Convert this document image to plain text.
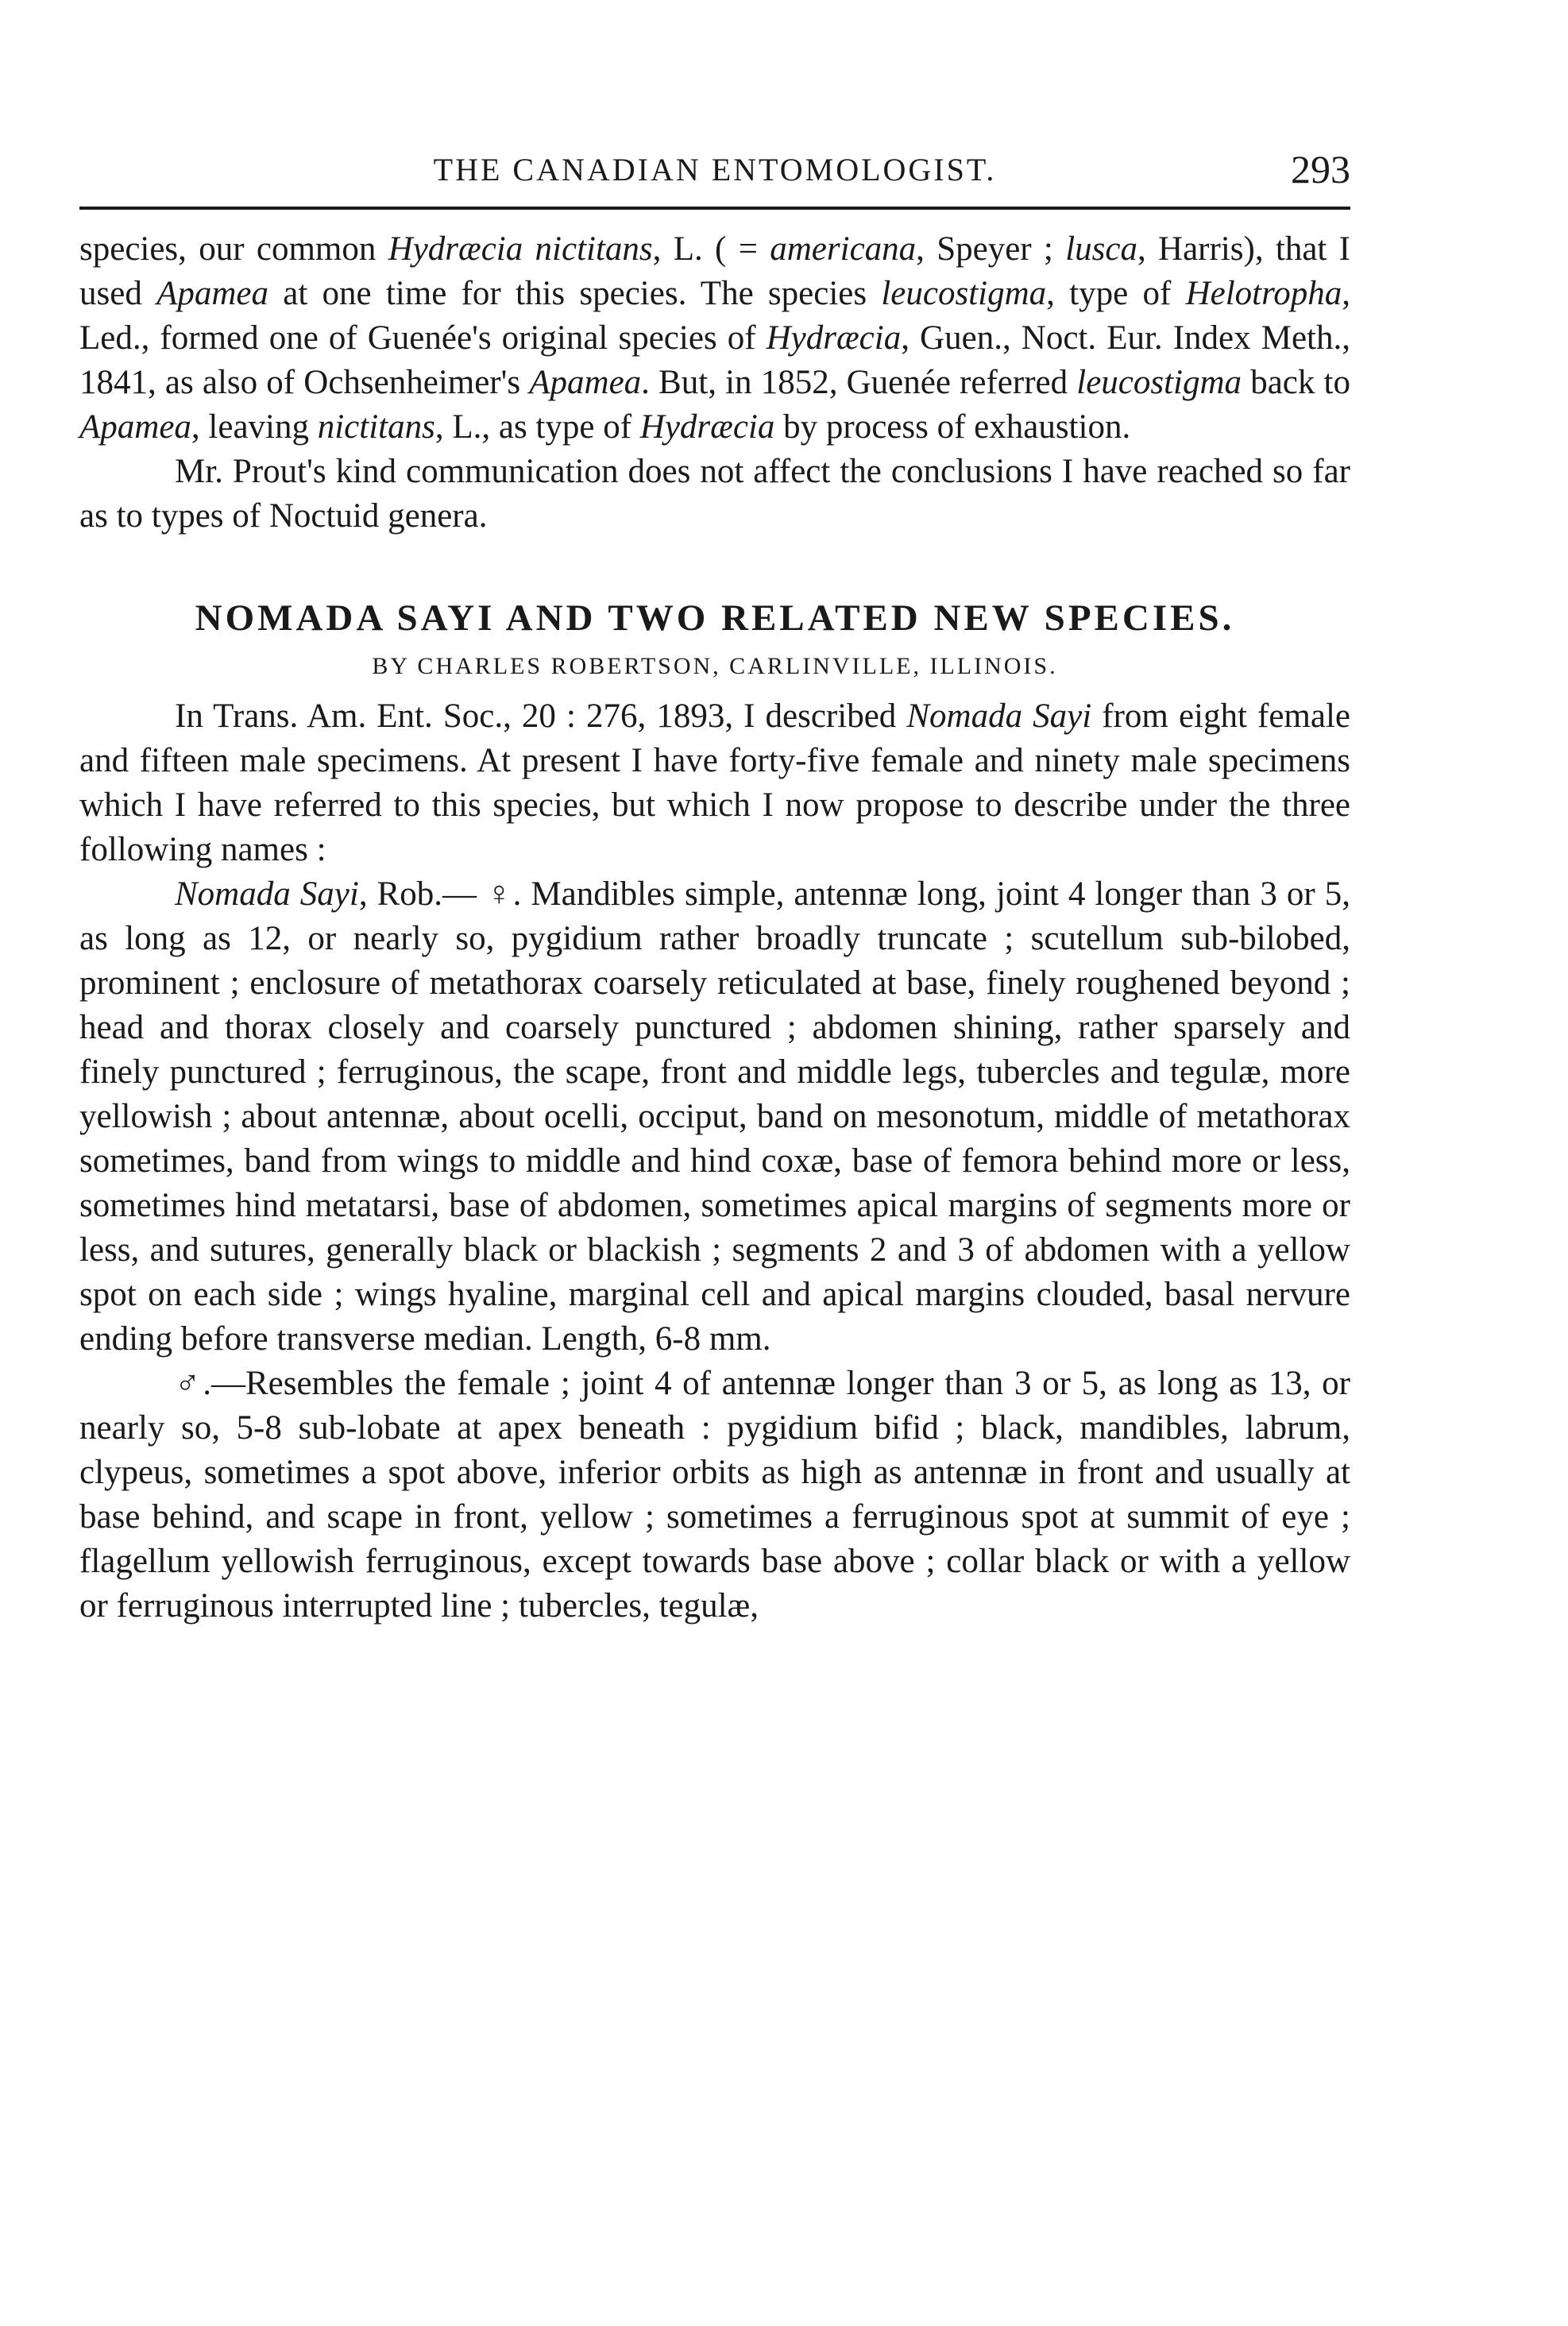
THE CANADIAN ENTOMOLOGIST.	293

species, our common Hydræcia nictitans, L. ( = americana, Speyer ; lusca, Harris), that I used Apamea at one time for this species. The species leucostigma, type of Helotropha, Led., formed one of Guenée's original species of Hydræcia, Guen., Noct. Eur. Index Meth., 1841, as also of Ochsenheimer's Apamea. But, in 1852, Guenée referred leucostigma back to Apamea, leaving nictitans, L., as type of Hydræcia by process of exhaustion.

Mr. Prout's kind communication does not affect the conclusions I have reached so far as to types of Noctuid genera.

NOMADA SAYI AND TWO RELATED NEW SPECIES.
BY CHARLES ROBERTSON, CARLINVILLE, ILLINOIS.

In Trans. Am. Ent. Soc., 20 : 276, 1893, I described Nomada Sayi from eight female and fifteen male specimens. At present I have forty-five female and ninety male specimens which I have referred to this species, but which I now propose to describe under the three following names :

Nomada Sayi, Rob.— ♀. Mandibles simple, antennæ long, joint 4 longer than 3 or 5, as long as 12, or nearly so, pygidium rather broadly truncate ; scutellum sub-bilobed, prominent ; enclosure of metathorax coarsely reticulated at base, finely roughened beyond ; head and thorax closely and coarsely punctured ; abdomen shining, rather sparsely and finely punctured ; ferruginous, the scape, front and middle legs, tubercles and tegulæ, more yellowish ; about antennæ, about ocelli, occiput, band on mesonotum, middle of metathorax sometimes, band from wings to middle and hind coxæ, base of femora behind more or less, sometimes hind metatarsi, base of abdomen, sometimes apical margins of segments more or less, and sutures, generally black or blackish ; segments 2 and 3 of abdomen with a yellow spot on each side ; wings hyaline, marginal cell and apical margins clouded, basal nervure ending before transverse median. Length, 6-8 mm.

♂.—Resembles the female ; joint 4 of antennæ longer than 3 or 5, as long as 13, or nearly so, 5-8 sub-lobate at apex beneath : pygidium bifid ; black, mandibles, labrum, clypeus, sometimes a spot above, inferior orbits as high as antennæ in front and usually at base behind, and scape in front, yellow ; sometimes a ferruginous spot at summit of eye ; flagellum yellowish ferruginous, except towards base above ; collar black or with a yellow or ferruginous interrupted line ; tubercles, tegulæ,
